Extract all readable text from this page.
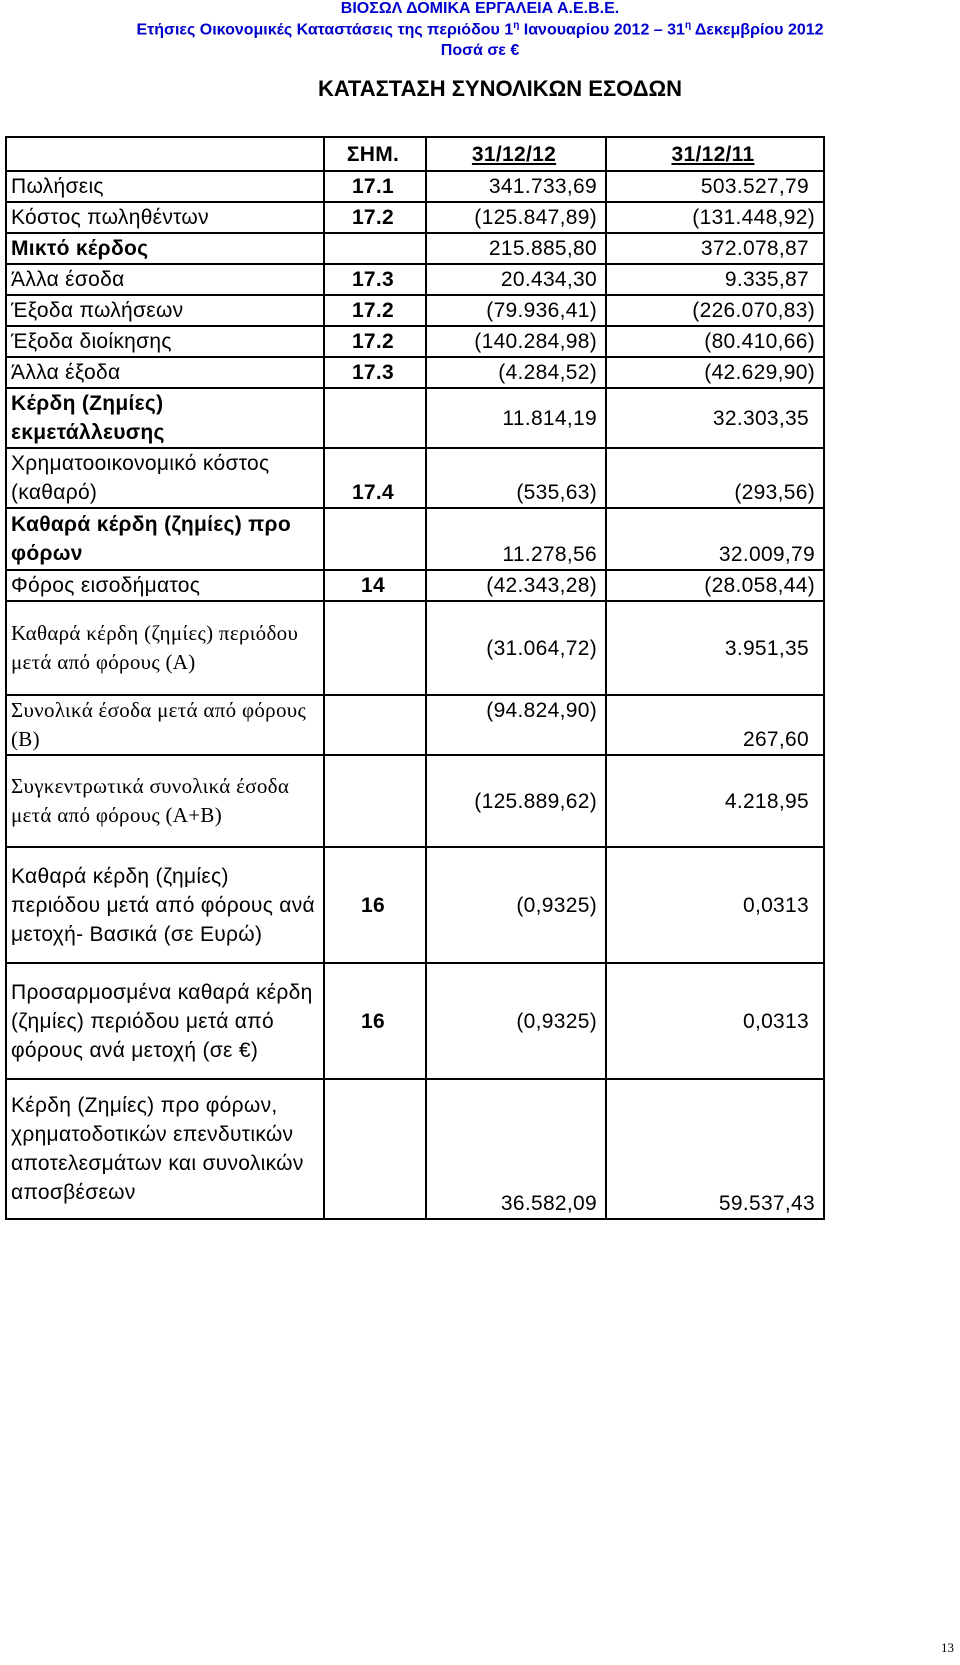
ΒΙΟΣΩΛ ΔΟΜΙΚΑ ΕΡΓΑΛΕΙΑ Α.Ε.Β.Ε.
Ετήσιες Οικονομικές Καταστάσεις της περιόδου $1^\eta$ Ιανουαρίου $2012 - 31^\eta$ Δεκεμβρίου 2012
Ποσά σε €
ΚΑΤΑΣΤΑΣΗ ΣΥΝΟΛΙΚΩΝ ΕΣΟΔΩΝ
	ΣΗΜ.	31/12/12	31/12/11
Πωλήσεις	17.1	341.733,69	503.527,79
Κόστος πωληθέντων	17.2	(125.847,89)	(131.448,92)
Μικτό κέρδος		215.885,80	372.078,87
Άλλα έσοδα	17.3	20.434,30	9.335,87
Έξοδα πωλήσεων	17.2	(79.936,41)	(226.070,83)
Έξοδα διοίκησης	17.2	(140.284,98)	(80.410,66)
Άλλα έξοδα	17.3	(4.284,52)	(42.629,90)
Κέρδη (Ζημίες) εκμετάλλευσης		11.814,19	32.303,35
Χρηματοοικονομικό κόστος (καθαρό)	17.4	(535,63)	(293,56)
Καθαρά κέρδη (ζημίες) προ φόρων		11.278,56	32.009,79
Φόρος εισοδήματος	14	(42.343,28)	(28.058,44)
Καθαρά κέρδη (ζημίες) περιόδου μετά από φόρους (Α)		(31.064,72)	3.951,35
Συνολικά έσοδα μετά από φόρους (Β)		(94.824,90)	267,60
Συγκεντρωτικά συνολικά έσοδα μετά από φόρους (Α+Β)		(125.889,62)	4.218,95
Καθαρά κέρδη (ζημίες) περιόδου μετά από φόρους ανά μετοχή- Βασικά (σε Ευρώ)	16	(0,9325)	0,0313
Προσαρμοσμένα καθαρά κέρδη (ζημίες) περιόδου μετά από φόρους ανά μετοχή (σε €)	16	(0,9325)	0,0313
Κέρδη (Ζημίες) προ φόρων, χρηματοδοτικών επενδυτικών αποτελεσμάτων και συνολικών αποσβέσεων		36.582,09	59.537,43
13
